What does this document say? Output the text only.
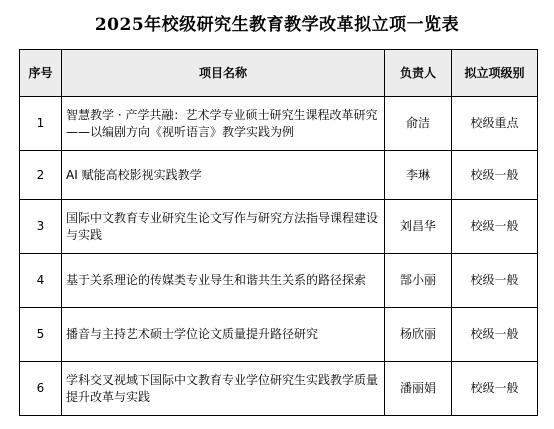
2025年校级研究生教育教学改革拟立项一览表
序号	项目名称	负责人	拟立项级别
1	智慧教学 · 产学共融：艺术学专业硕士研究生课程改革研究——以编剧方向《视听语言》教学实践为例	俞洁	校级重点
2	AI 赋能高校影视实践教学	李琳	校级一般
3	国际中文教育专业研究生论文写作与研究方法指导课程建设与实践	刘昌华	校级一般
4	基于关系理论的传媒类专业导生和谐共生关系的路径探索	郜小丽	校级一般
5	播音与主持艺术硕士学位论文质量提升路径研究	杨欣丽	校级一般
6	学科交叉视域下国际中文教育专业学位研究生实践教学质量提升改革与实践	潘丽娟	校级一般
